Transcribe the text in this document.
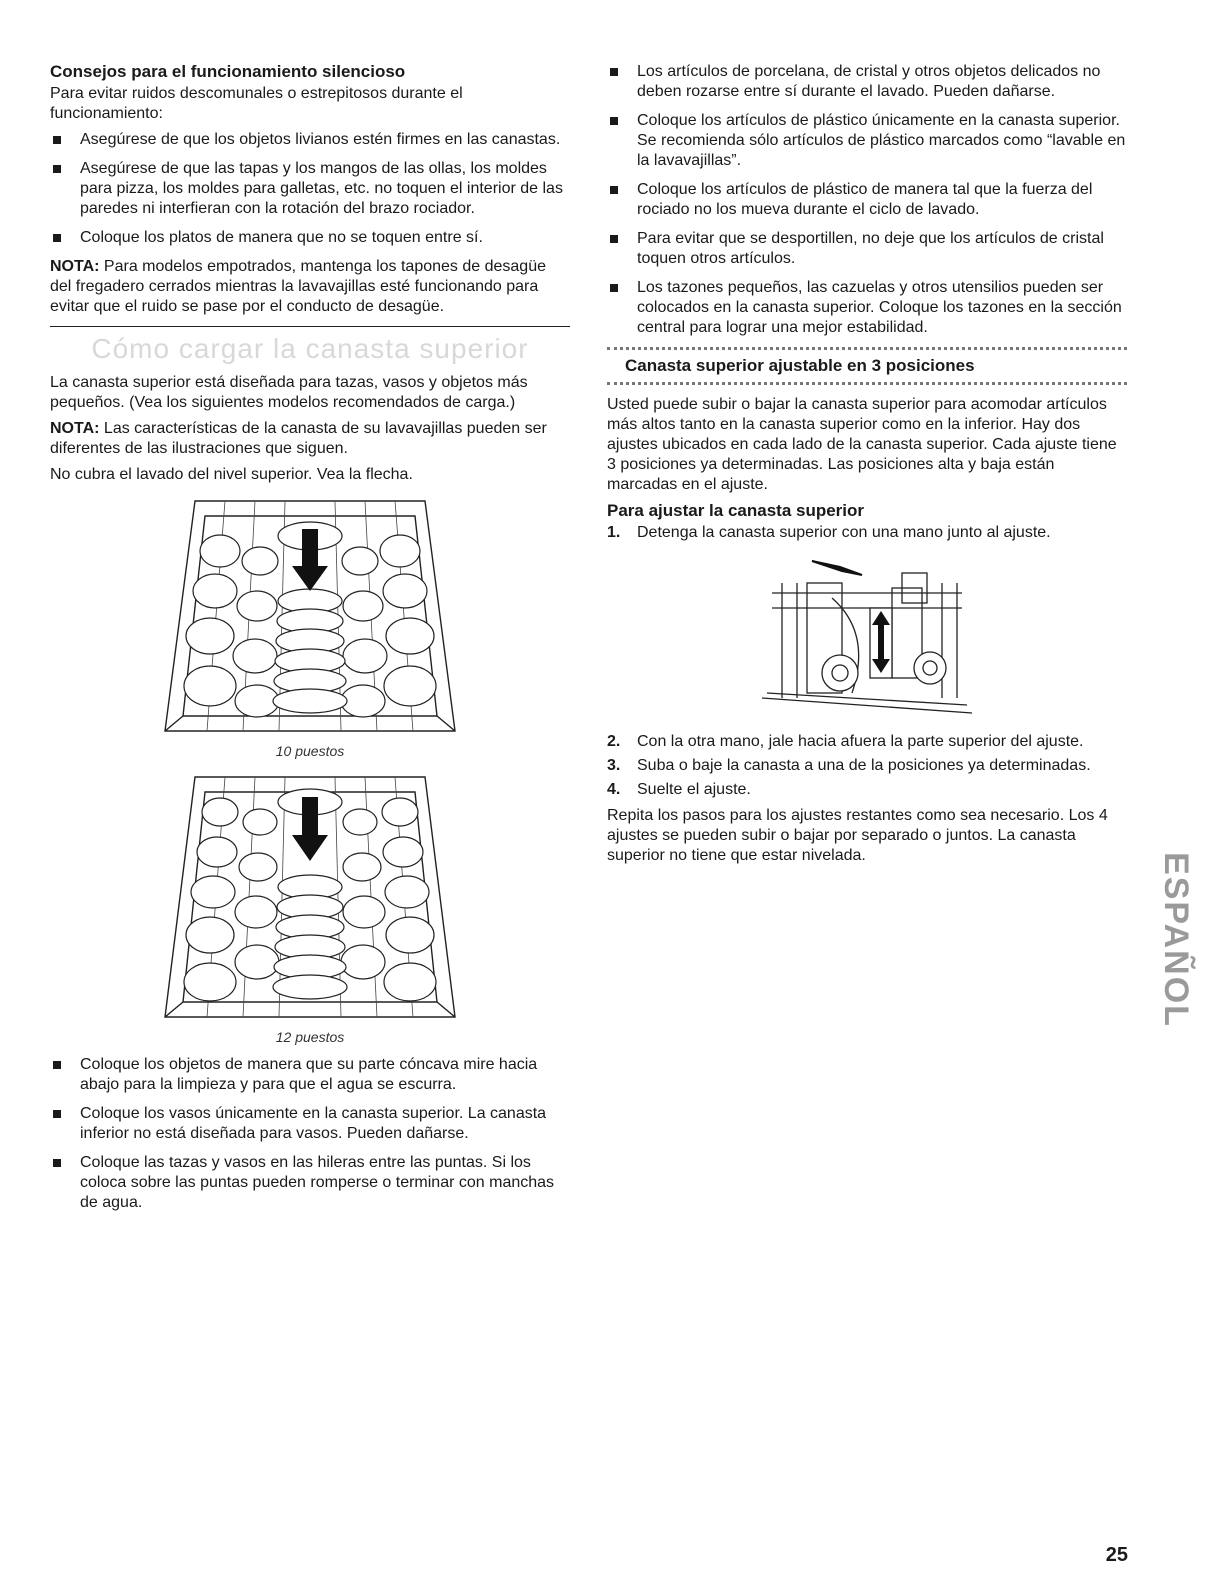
Consejos para el funcionamiento silencioso

Para evitar ruidos descomunales o estrepitosos durante el funcionamiento:

Asegúrese de que los objetos livianos estén firmes en las canastas.
Asegúrese de que las tapas y los mangos de las ollas, los moldes para pizza, los moldes para galletas, etc. no toquen el interior de las paredes ni interfieran con la rotación del brazo rociador.
Coloque los platos de manera que no se toquen entre sí.

NOTA: Para modelos empotrados, mantenga los tapones de desagüe del fregadero cerrados mientras la lavavajillas esté funcionando para evitar que el ruido se pase por el conducto de desagüe.

Cómo cargar la canasta superior

La canasta superior está diseñada para tazas, vasos y objetos más pequeños. (Vea los siguientes modelos recomendados de carga.)

NOTA: Las características de la canasta de su lavavajillas pueden ser diferentes de las ilustraciones que siguen.

No cubra el lavado del nivel superior. Vea la flecha.

10 puestos
12 puestos
Coloque los objetos de manera que su parte cóncava mire hacia abajo para la limpieza y para que el agua se escurra.
Coloque los vasos únicamente en la canasta superior. La canasta inferior no está diseñada para vasos. Pueden dañarse.
Coloque las tazas y vasos en las hileras entre las puntas. Si los coloca sobre las puntas pueden romperse o terminar con manchas de agua.
Los artículos de porcelana, de cristal y otros objetos delicados no deben rozarse entre sí durante el lavado. Pueden dañarse.
Coloque los artículos de plástico únicamente en la canasta superior. Se recomienda sólo artículos de plástico marcados como “lavable en la lavavajillas”.
Coloque los artículos de plástico de manera tal que la fuerza del rociado no los mueva durante el ciclo de lavado.
Para evitar que se desportillen, no deje que los artículos de cristal toquen otros artículos.
Los tazones pequeños, las cazuelas y otros utensilios pueden ser colocados en la canasta superior. Coloque los tazones en la sección central para lograr una mejor estabilidad.
Canasta superior ajustable en 3 posiciones

Usted puede subir o bajar la canasta superior para acomodar artículos más altos tanto en la canasta superior como en la inferior. Hay dos ajustes ubicados en cada lado de la canasta superior. Cada ajuste tiene 3 posiciones ya determinadas. Las posiciones alta y baja están marcadas en el ajuste.

Para ajustar la canasta superior
1. Detenga la canasta superior con una mano junto al ajuste.
2. Con la otra mano, jale hacia afuera la parte superior del ajuste.
3. Suba o baje la canasta a una de la posiciones ya determinadas.
4. Suelte el ajuste.

Repita los pasos para los ajustes restantes como sea necesario. Los 4 ajustes se pueden subir o bajar por separado o juntos. La canasta superior no tiene que estar nivelada.	ESPAÑOL
25
